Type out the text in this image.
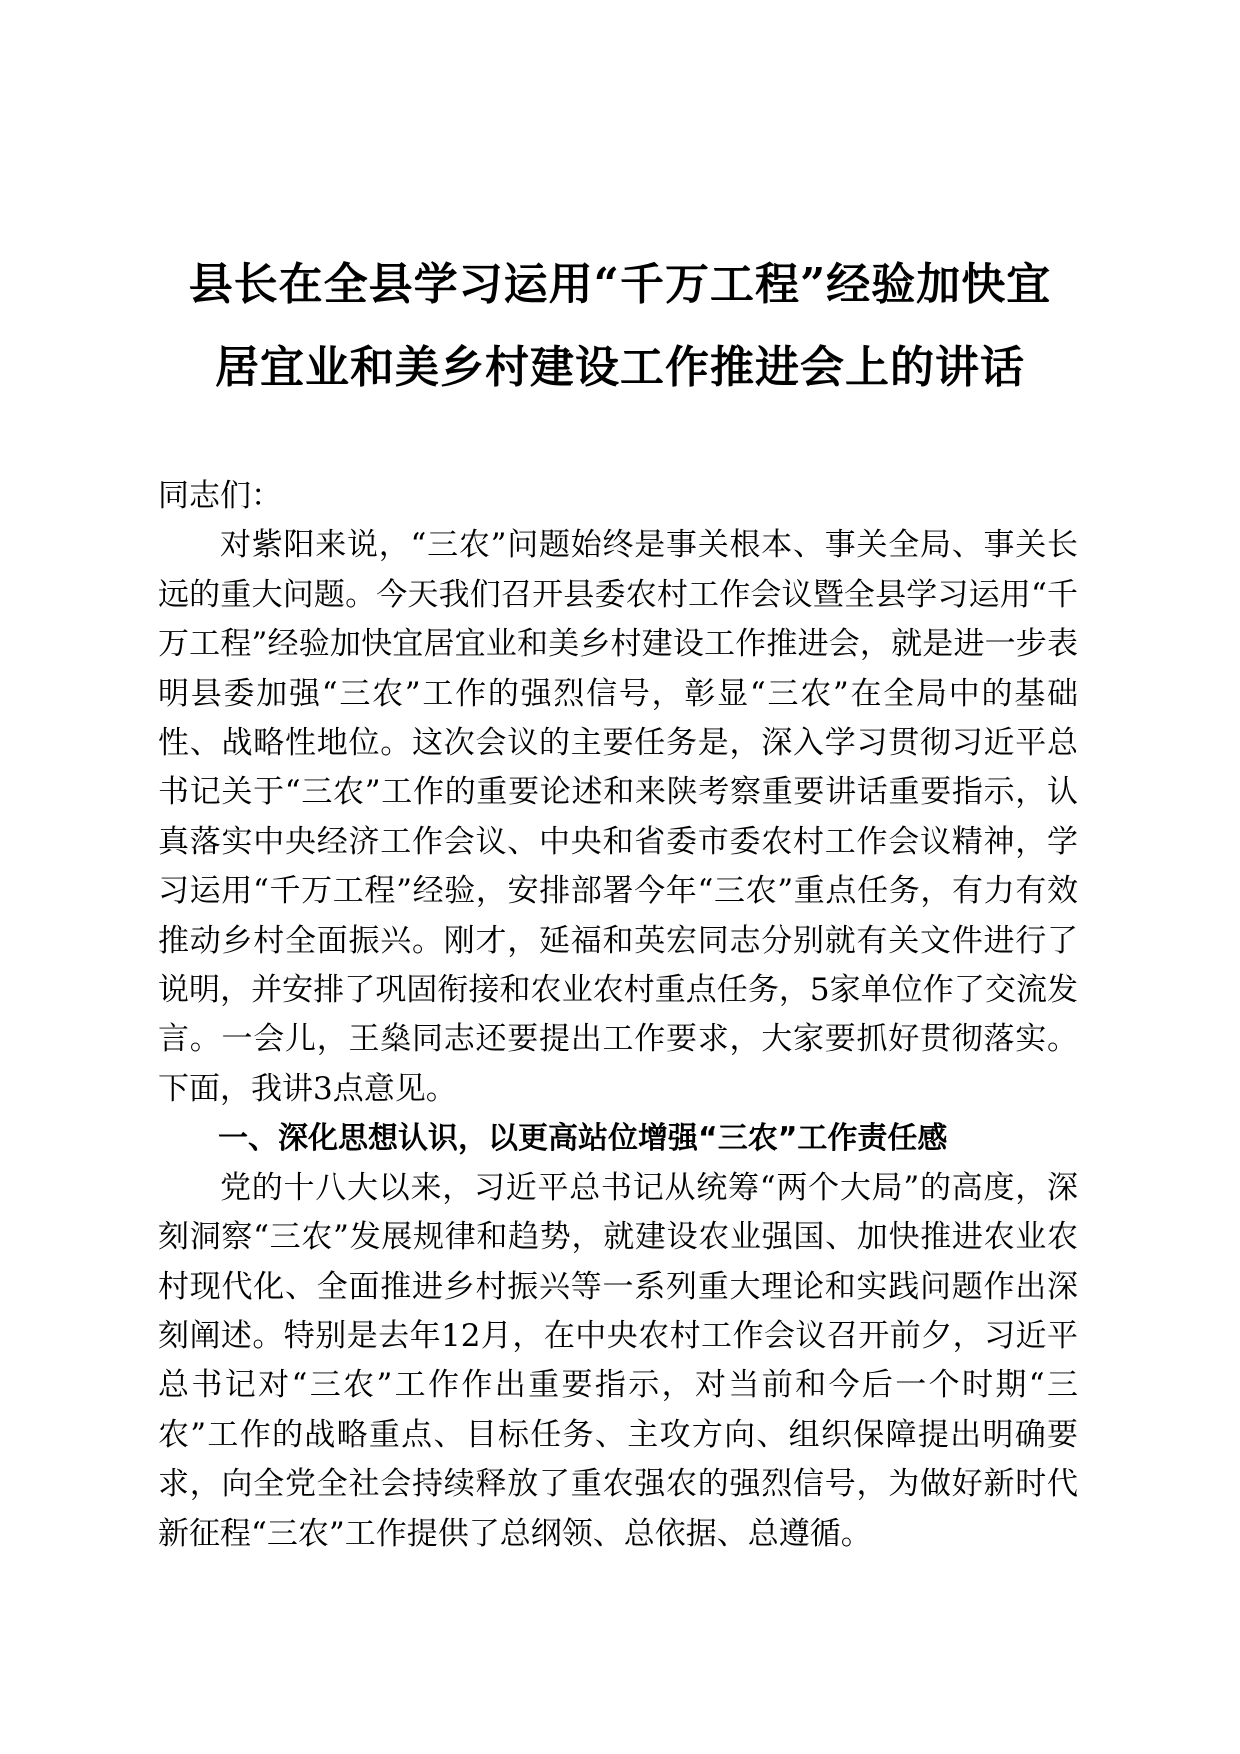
县长在全县学习运用“千万工程”经验加快宜
居宜业和美乡村建设工作推进会上的讲话

同志们：

对紫阳来说，“三农”问题始终是事关根本、事关全局、事关长远的重大问题。今天我们召开县委农村工作会议暨全县学习运用“千万工程”经验加快宜居宜业和美乡村建设工作推进会，就是进一步表明县委加强“三农”工作的强烈信号，彰显“三农”在全局中的基础性、战略性地位。这次会议的主要任务是，深入学习贯彻习近平总书记关于“三农”工作的重要论述和来陕考察重要讲话重要指示，认真落实中央经济工作会议、中央和省委市委农村工作会议精神，学习运用“千万工程”经验，安排部署今年“三农”重点任务，有力有效推动乡村全面振兴。刚才，延福和英宏同志分别就有关文件进行了说明，并安排了巩固衔接和农业农村重点任务，5家单位作了交流发言。一会儿，王燊同志还要提出工作要求，大家要抓好贯彻落实。下面，我讲3点意见。

一、深化思想认识，以更高站位增强“三农”工作责任感

党的十八大以来，习近平总书记从统筹“两个大局”的高度，深刻洞察“三农”发展规律和趋势，就建设农业强国、加快推进农业农村现代化、全面推进乡村振兴等一系列重大理论和实践问题作出深刻阐述。特别是去年12月，在中央农村工作会议召开前夕，习近平总书记对“三农”工作作出重要指示，对当前和今后一个时期“三农”工作的战略重点、目标任务、主攻方向、组织保障提出明确要求，向全党全社会持续释放了重农强农的强烈信号，为做好新时代新征程“三农”工作提供了总纲领、总依据、总遵循。
